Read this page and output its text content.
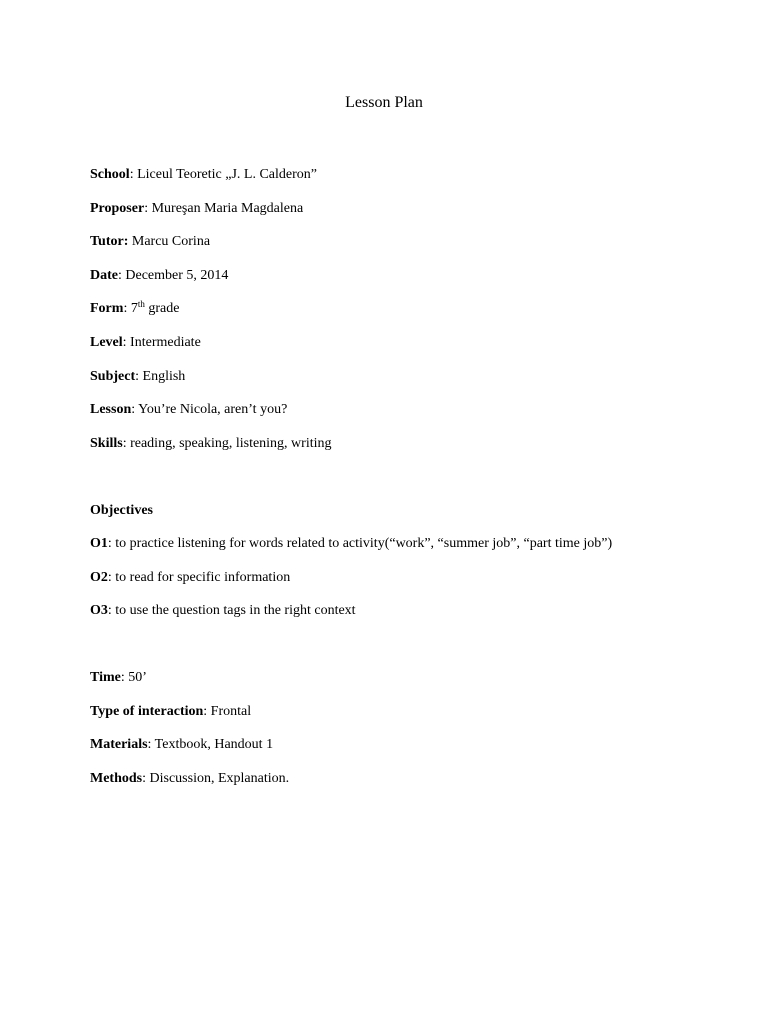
Lesson Plan
School: Liceul Teoretic „J. L. Calderon”
Proposer: Mureşan Maria Magdalena
Tutor: Marcu Corina
Date: December 5, 2014
Form: 7th grade
Level: Intermediate
Subject: English
Lesson: You’re Nicola, aren’t you?
Skills: reading, speaking, listening, writing
Objectives
O1: to practice listening for words related to activity(“work”, “summer job”, “part time job”)
O2: to read for specific information
O3: to use the question tags in the right context
Time: 50’
Type of interaction: Frontal
Materials: Textbook, Handout 1
Methods: Discussion, Explanation.
